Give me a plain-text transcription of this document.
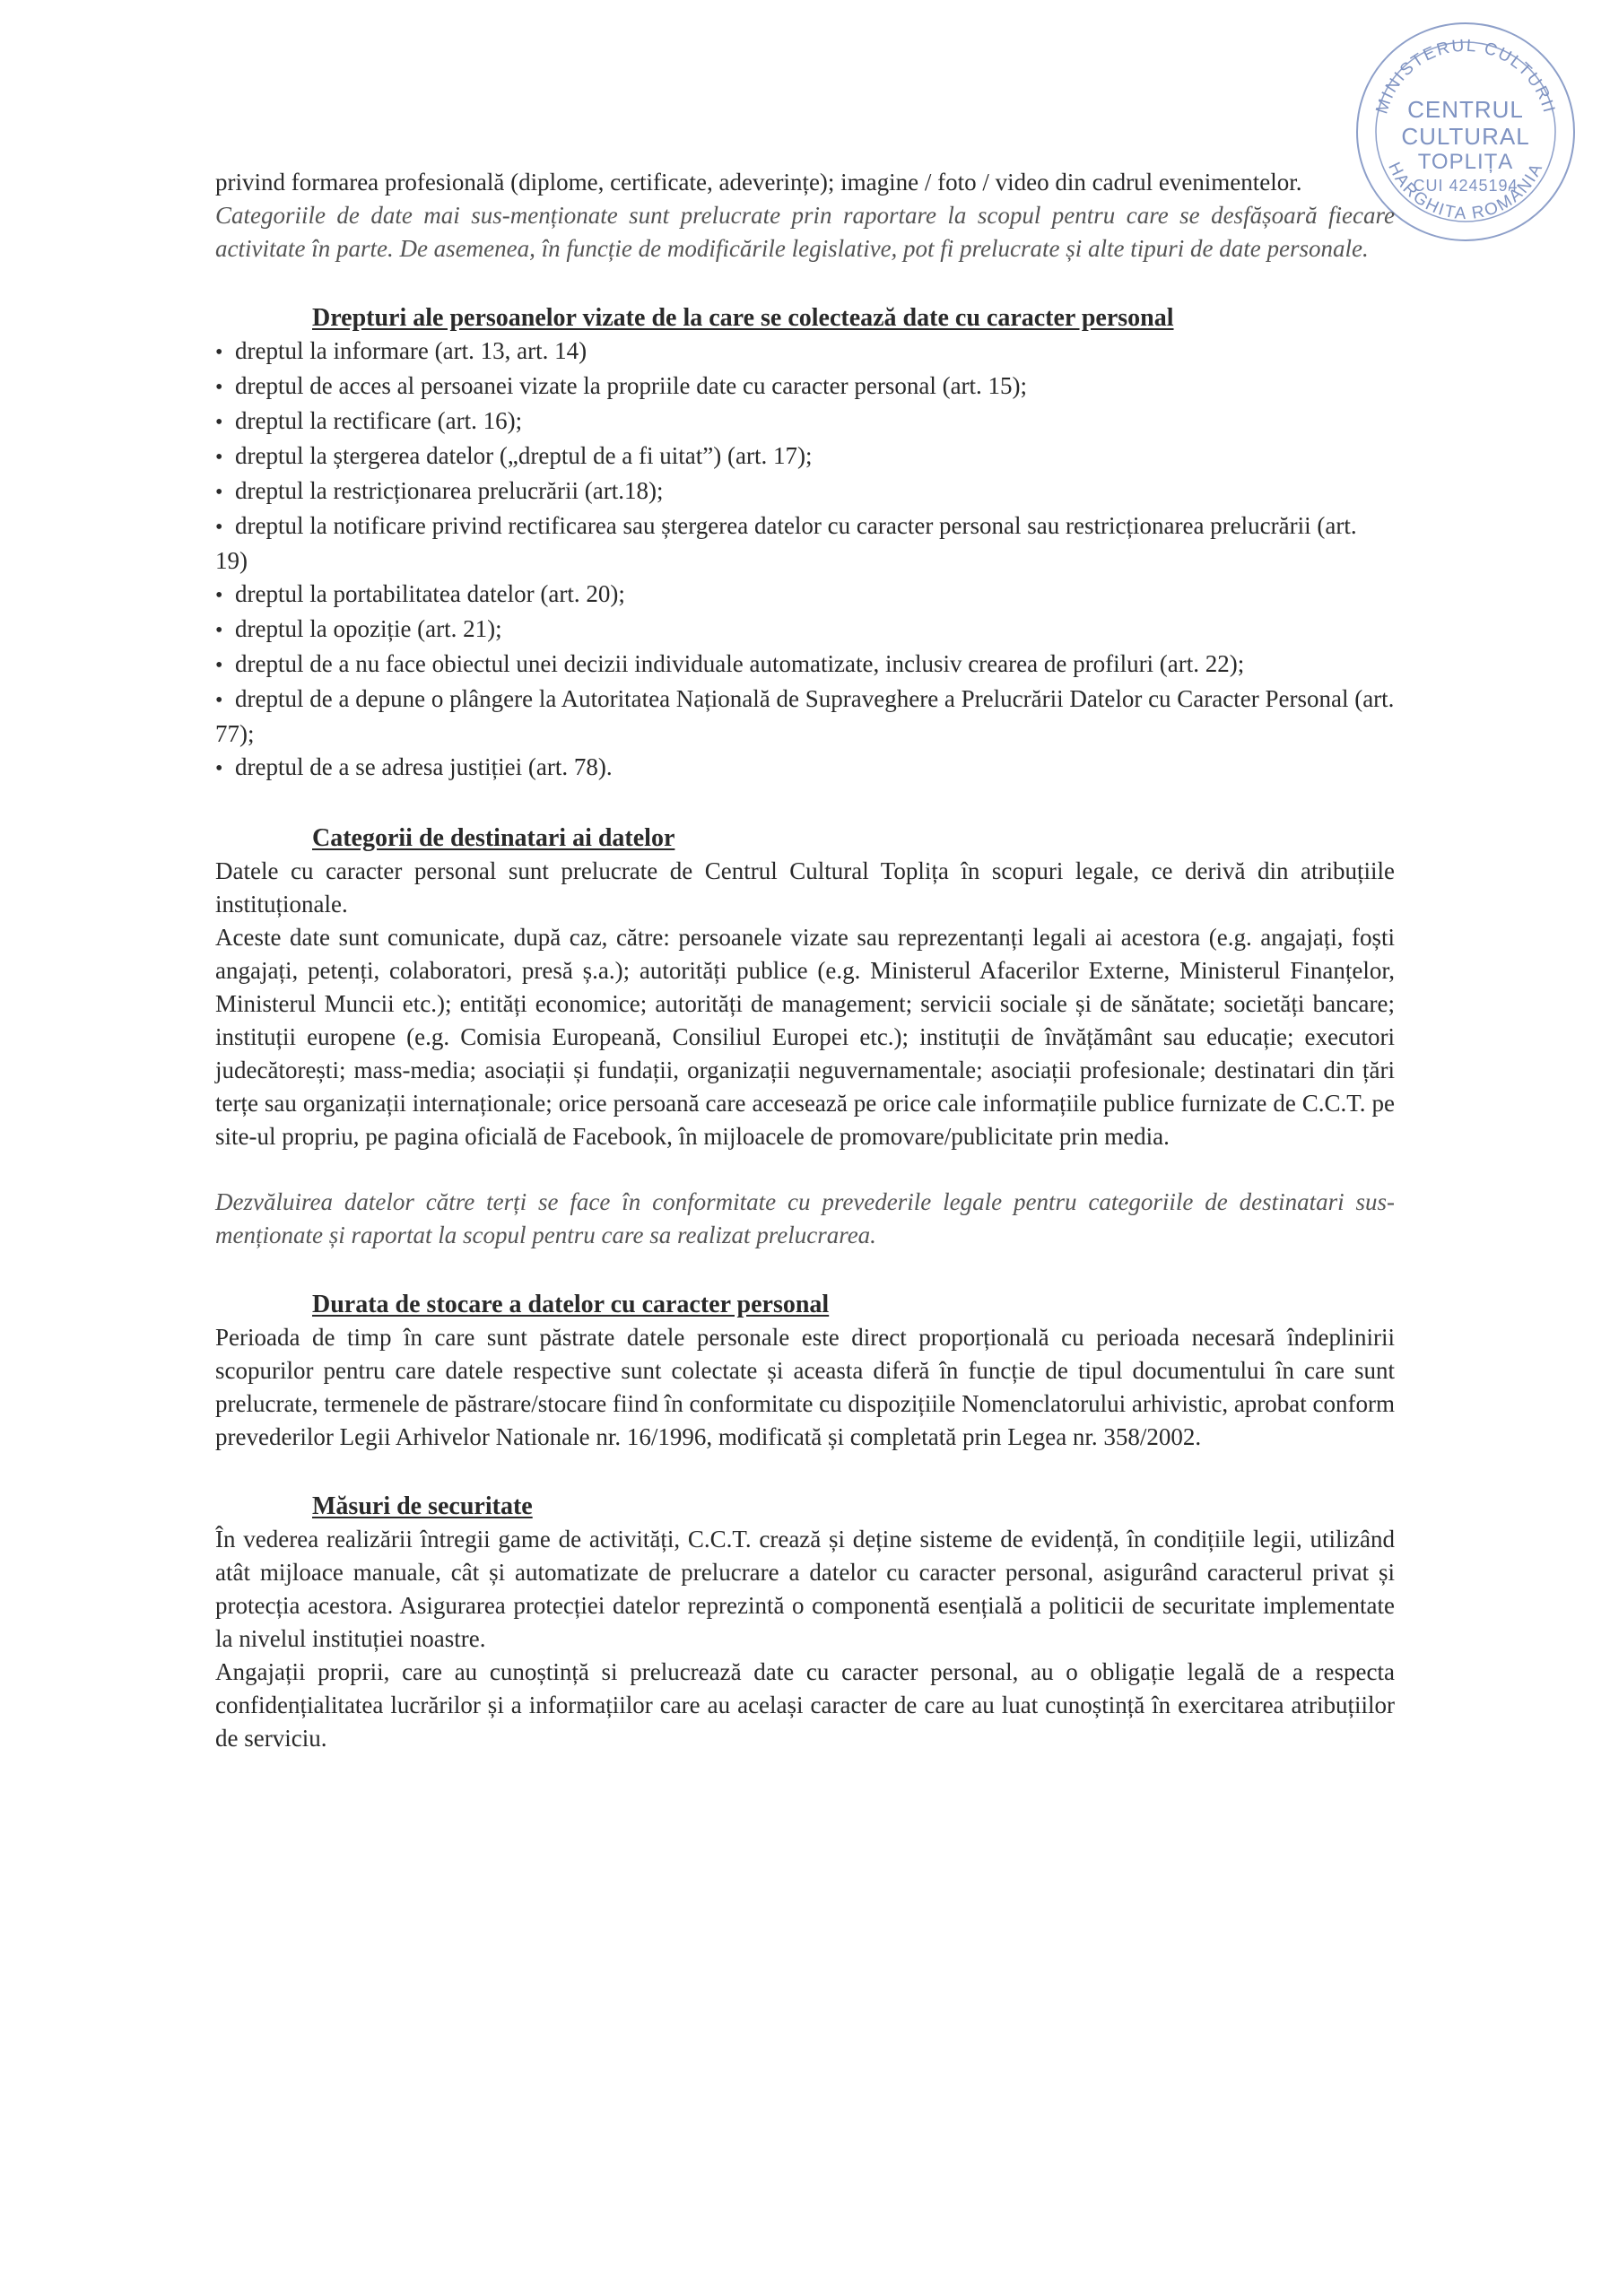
MINISTERUL CULTURII
HARGHITA ROMÂNIA
CENTRUL
CULTURAL
TOPLIȚA
CUI 4245194

privind formarea profesională (diplome, certificate, adeverințe); imagine / foto / video din cadrul evenimentelor.

Categoriile de date mai sus-menționate sunt prelucrate prin raportare la scopul pentru care se desfășoară fiecare activitate în parte. De asemenea, în funcție de modificările legislative, pot fi prelucrate și alte tipuri de date personale.

Drepturi ale persoanelor vizate de la care se colectează date cu caracter personal

• dreptul la informare (art. 13, art. 14)
• dreptul de acces al persoanei vizate la propriile date cu caracter personal (art. 15);
• dreptul la rectificare (art. 16);
• dreptul la ștergerea datelor („dreptul de a fi uitat”) (art. 17);
• dreptul la restricționarea prelucrării (art.18);
• dreptul la notificare privind rectificarea sau ștergerea datelor cu caracter personal sau restricționarea prelucrării (art. 19)
• dreptul la portabilitatea datelor (art. 20);
• dreptul la opoziție (art. 21);
• dreptul de a nu face obiectul unei decizii individuale automatizate, inclusiv crearea de profiluri (art. 22);
• dreptul de a depune o plângere la Autoritatea Națională de Supraveghere a Prelucrării Datelor cu Caracter Personal (art. 77);
• dreptul de a se adresa justiției (art. 78).

Categorii de destinatari ai datelor

Datele cu caracter personal sunt prelucrate de Centrul Cultural Toplița în scopuri legale, ce derivă din atribuțiile instituționale.

Aceste date sunt comunicate, după caz, către: persoanele vizate sau reprezentanți legali ai acestora (e.g. angajați, foști angajați, petenți, colaboratori, presă ș.a.); autorități publice (e.g. Ministerul Afacerilor Externe, Ministerul Finanțelor, Ministerul Muncii etc.); entități economice; autorități de management; servicii sociale și de sănătate; societăți bancare; instituții europene (e.g. Comisia Europeană, Consiliul Europei etc.); instituții de învățământ sau educație; executori judecătorești; mass-media; asociații și fundații, organizații neguvernamentale; asociații profesionale; destinatari din țări terțe sau organizații internaționale; orice persoană care accesează pe orice cale informațiile publice furnizate de C.C.T. pe site-ul propriu, pe pagina oficială de Facebook, în mijloacele de promovare/publicitate prin media.

Dezvăluirea datelor către terți se face în conformitate cu prevederile legale pentru categoriile de destinatari sus-menționate și raportat la scopul pentru care sa realizat prelucrarea.

Durata de stocare a datelor cu caracter personal

Perioada de timp în care sunt păstrate datele personale este direct proporțională cu perioada necesară îndeplinirii scopurilor pentru care datele respective sunt colectate și aceasta diferă în funcție de tipul documentului în care sunt prelucrate, termenele de păstrare/stocare fiind în conformitate cu dispozițiile Nomenclatorului arhivistic, aprobat conform prevederilor Legii Arhivelor Nationale nr. 16/1996, modificată și completată prin Legea nr. 358/2002.

Măsuri de securitate

În vederea realizării întregii game de activități, C.C.T. crează și deține sisteme de evidență, în condițiile legii, utilizând atât mijloace manuale, cât și automatizate de prelucrare a datelor cu caracter personal, asigurând caracterul privat și protecția acestora. Asigurarea protecției datelor reprezintă o componentă esențială a politicii de securitate implementate la nivelul instituției noastre.

Angajații proprii, care au cunoștință si prelucrează date cu caracter personal, au o obligație legală de a respecta confidențialitatea lucrărilor și a informațiilor care au același caracter de care au luat cunoștință în exercitarea atribuțiilor de serviciu.
